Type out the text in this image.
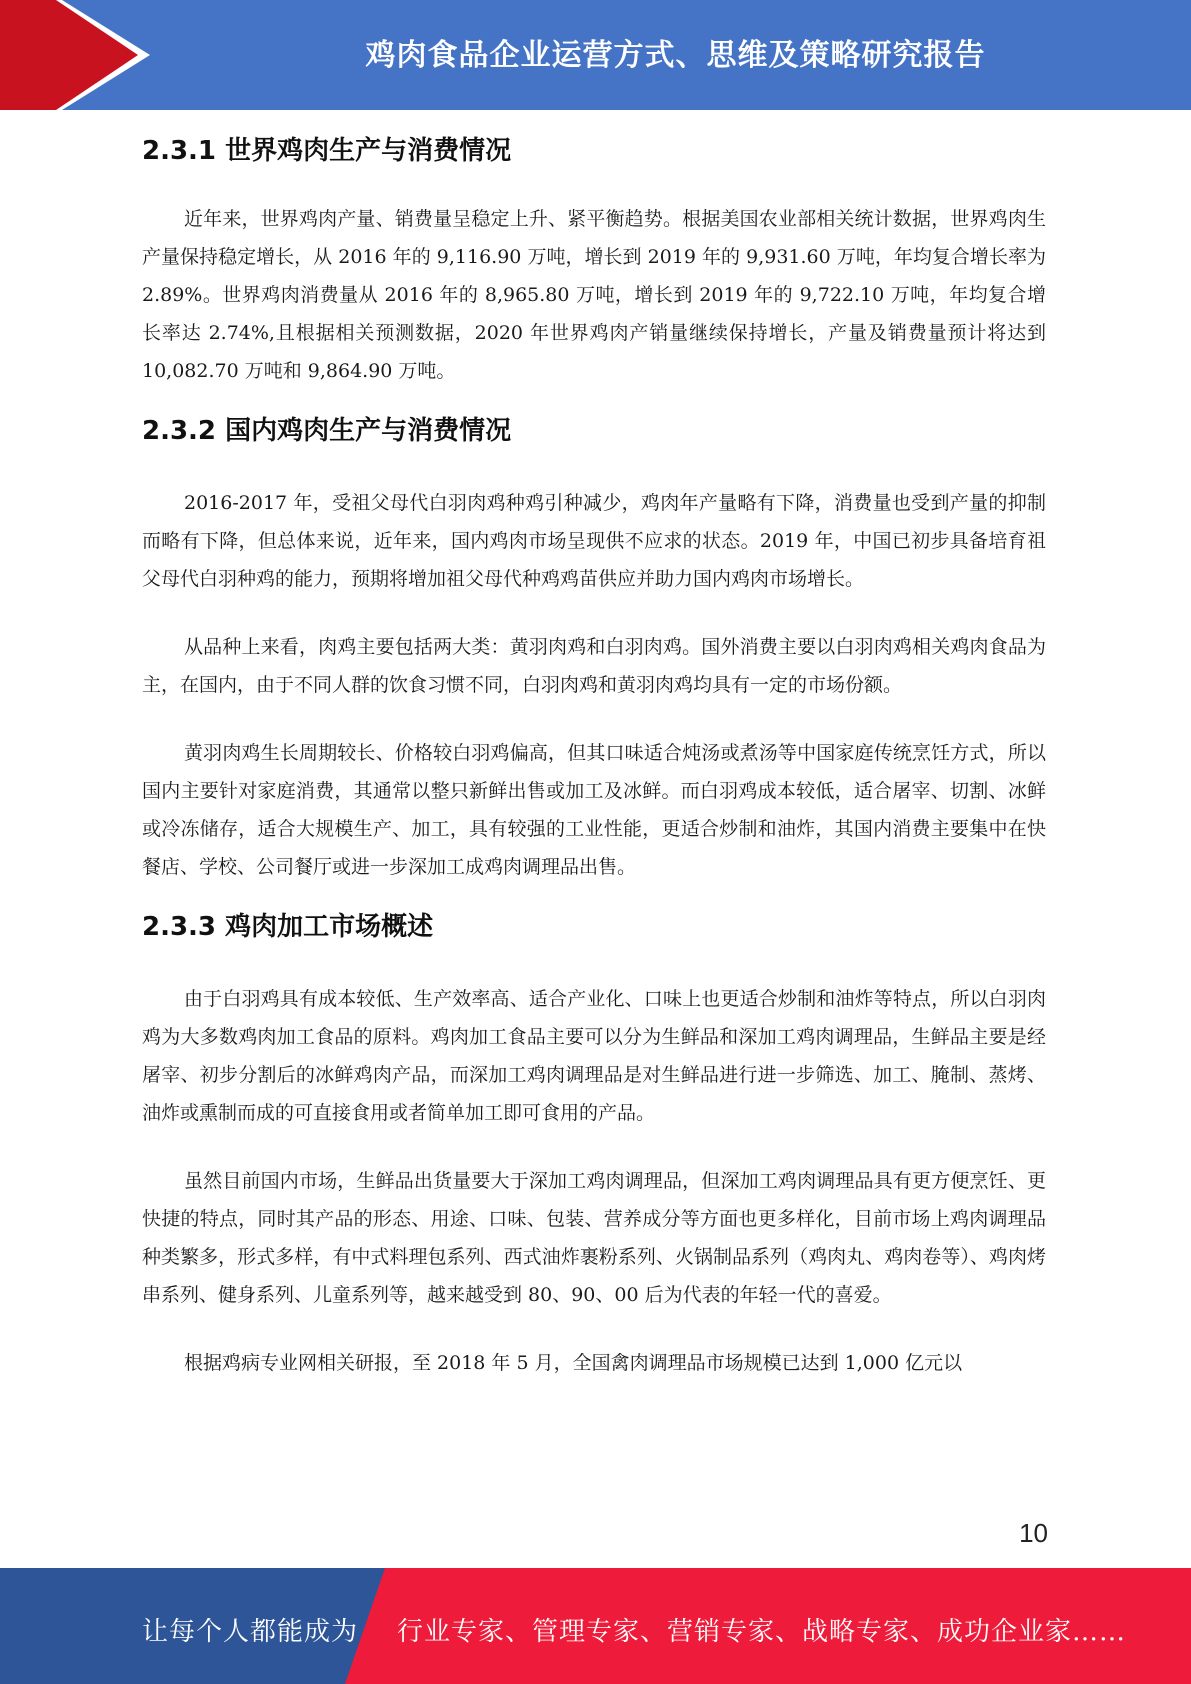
鸡肉食品企业运营方式、思维及策略研究报告
2.3.1 世界鸡肉生产与消费情况

近年来，世界鸡肉产量、销费量呈稳定上升、紧平衡趋势。根据美国农业部相关统计数据，世界鸡肉生产量保持稳定增长，从 2016 年的 9,116.90 万吨，增长到 2019 年的 9,931.60 万吨，年均复合增长率为 2.89%。世界鸡肉消费量从 2016 年的 8,965.80 万吨，增长到 2019 年的 9,722.10 万吨，年均复合增长率达 2.74%,且根据相关预测数据，2020 年世界鸡肉产销量继续保持增长，产量及销费量预计将达到 10,082.70 万吨和 9,864.90 万吨。

2.3.2 国内鸡肉生产与消费情况

2016-2017 年，受祖父母代白羽肉鸡种鸡引种减少，鸡肉年产量略有下降，消费量也受到产量的抑制而略有下降，但总体来说，近年来，国内鸡肉市场呈现供不应求的状态。2019 年，中国已初步具备培育祖父母代白羽种鸡的能力，预期将增加祖父母代种鸡鸡苗供应并助力国内鸡肉市场增长。

从品种上来看，肉鸡主要包括两大类：黄羽肉鸡和白羽肉鸡。国外消费主要以白羽肉鸡相关鸡肉食品为主，在国内，由于不同人群的饮食习惯不同，白羽肉鸡和黄羽肉鸡均具有一定的市场份额。

黄羽肉鸡生长周期较长、价格较白羽鸡偏高，但其口味适合炖汤或煮汤等中国家庭传统烹饪方式，所以国内主要针对家庭消费，其通常以整只新鲜出售或加工及冰鲜。而白羽鸡成本较低，适合屠宰、切割、冰鲜或冷冻储存，适合大规模生产、加工，具有较强的工业性能，更适合炒制和油炸，其国内消费主要集中在快餐店、学校、公司餐厅或进一步深加工成鸡肉调理品出售。

2.3.3 鸡肉加工市场概述

由于白羽鸡具有成本较低、生产效率高、适合产业化、口味上也更适合炒制和油炸等特点，所以白羽肉鸡为大多数鸡肉加工食品的原料。鸡肉加工食品主要可以分为生鲜品和深加工鸡肉调理品，生鲜品主要是经屠宰、初步分割后的冰鲜鸡肉产品，而深加工鸡肉调理品是对生鲜品进行进一步筛选、加工、腌制、蒸烤、油炸或熏制而成的可直接食用或者简单加工即可食用的产品。

虽然目前国内市场，生鲜品出货量要大于深加工鸡肉调理品，但深加工鸡肉调理品具有更方便烹饪、更快捷的特点，同时其产品的形态、用途、口味、包装、营养成分等方面也更多样化，目前市场上鸡肉调理品种类繁多，形式多样，有中式料理包系列、西式油炸裹粉系列、火锅制品系列（鸡肉丸、鸡肉卷等）、鸡肉烤串系列、健身系列、儿童系列等，越来越受到 80、90、00 后为代表的年轻一代的喜爱。

根据鸡病专业网相关研报，至 2018 年 5 月，全国禽肉调理品市场规模已达到 1,000 亿元以

10
让每个人都能成为 行业专家、管理专家、营销专家、战略专家、成功企业家……
